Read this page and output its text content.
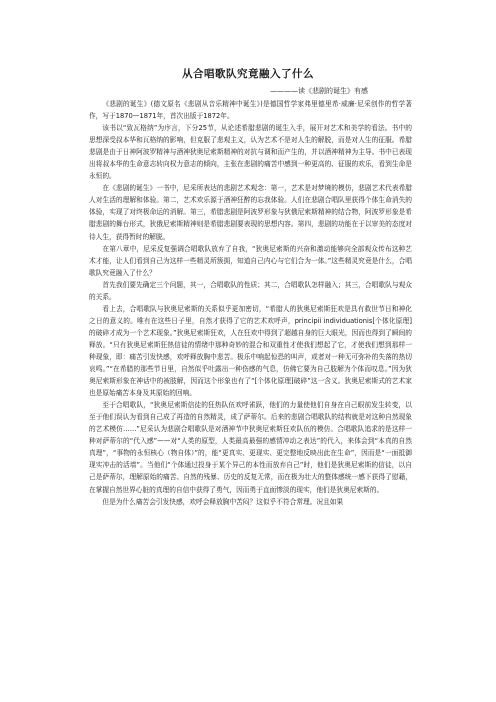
从合唱歌队究竟融入了什么
————读《悲剧的诞生》有感

《悲剧的诞生》(德文原名《悲剧从音乐精神中诞生》)是德国哲学家弗里德里希·威廉·尼采创作的哲学著作，写于1870—1871年，首次出版于1872年。

该书以“致瓦格纳”为序言，下分25节，从论述希腊悲剧的诞生入手，展开对艺术和美学的看法。书中的思想深受叔本华和瓦格纳的影响，但克服了悲观主义，认为艺术不是对人生的解脱，而是对人生的征服。希腊悲剧是由于日神阿波罗精神与酒神狄奥尼索斯精神的对抗与调和而产生的，并以酒神精神为主导。书中已表现出将叔本华的生命意志转向权力意志的倾向，主张在悲剧的痛苦中感到一种更高的、征服的欢乐，看到生命是永恒的。

在《悲剧的诞生》一书中，尼采所表达的悲剧艺术观念：第一，艺术是对梦境的模仿，悲剧艺术代表希腊人对生活的理解和体验。第二，艺术欢乐源于酒神狂醉的忘我体验。人们在悲剧合唱队里获得个体生命消失的体验，实现了对终极命运的消解。第三，希腊悲剧是阿波罗形象与狄俄尼索斯精神的结合物，阿波罗形象是希腊悲剧的舞台形式，狄俄尼索斯精神则是希腊悲剧要表现的思想内容。第四，悲剧的功能在于以审美的态度对待人生，获得暂时的解脱。

在第八章中，尼采反复强调合唱歌队放弃了自我，“狄奥尼索斯的兴奋和激动能够向全部观众传布这种艺术才能，让人们看到自己为这样一些精灵所簇拥，知道自己内心与它们合为一体。”这些精灵究竟是什么，合唱歌队究竟融入了什么？

首先我们要先确定三个问题，其一，合唱歌队的性质；其二，合唱歌队怎样融入；其三，合唱歌队与观众的关系。

看上去，合唱歌队与狄奥尼索斯的关系似乎更加密切，“希腊人的狄奥尼索斯狂欢是具有救世节日和神化之日的意义的。唯有在这些日子里，自然才获得了它的艺术欢呼声，principii individuationis[个体化原理]的破碎才成为一个艺术现象。”狄奥尼索斯狂欢，人在狂欢中得到了超越自身的巨大眼光，因而也得到了瞬间的释放。“只有狄奥尼索斯狂热信徒的情绪中那种奇妙的混合和双重性才使我们想起了它，才使我们想到那样一种现象，即：痛苦引发快感，欢呼释放胸中悲苦。极乐中响起惊恐的叫声，或者对一种无可弥补的失落的热切哀鸣。”“在希腊的那些节日里，自然似乎吐露出一种伤感的气息，仿佛它要为自己肢解为个体而叹息。”因为狄奥尼索斯形象在神话中的被肢解，因而这个形象也有了“[个体化原理]破碎”这一含义。狄奥尼索斯式的艺术家也是原始痛苦本身及其原始的回响。

至于合唱歌队，“狄奥尼索斯信徒的狂热队伍欢呼雀跃，他们的力量使他们自身在自己眼前发生转变，以至于他们误认为看到自己成了再造的自然精灵，成了萨蒂尔。后来的悲剧合唱歌队的结构就是对这种自然现象的艺术模仿……”尼采认为悲剧合唱歌队是对酒神节中狄奥尼索斯狂欢队伍的模仿。合唱歌队追求的是这样一种对萨蒂尔的“代入感”——对“人类的原型，人类最高最强的感情冲动之表达”的代入，来体会到“本真的自然真理”，“事物的永恒核心（物自体）”的，能“更真实、更现实、更完整地反映出此在生命”，因而是“一面抵御现实冲击的活墙”。当他们“个体通过投身于某个异己的本性而放弃自己”时，他们是狄奥尼索斯的信徒，以自己是萨蒂尔，理解原始的痛苦、自然的残暴、历史的反复无常，而在极为壮大的整体感统一感下获得了慰藉，在掌握自然世界心脏的真理的自信中获得了勇气，因而勇于直面惨淡的现实，他们是狄奥尼索斯的。

但是为什么痛苦会引发快感，欢呼会释放胸中苦闷？这似乎不符合常理。况且如果
